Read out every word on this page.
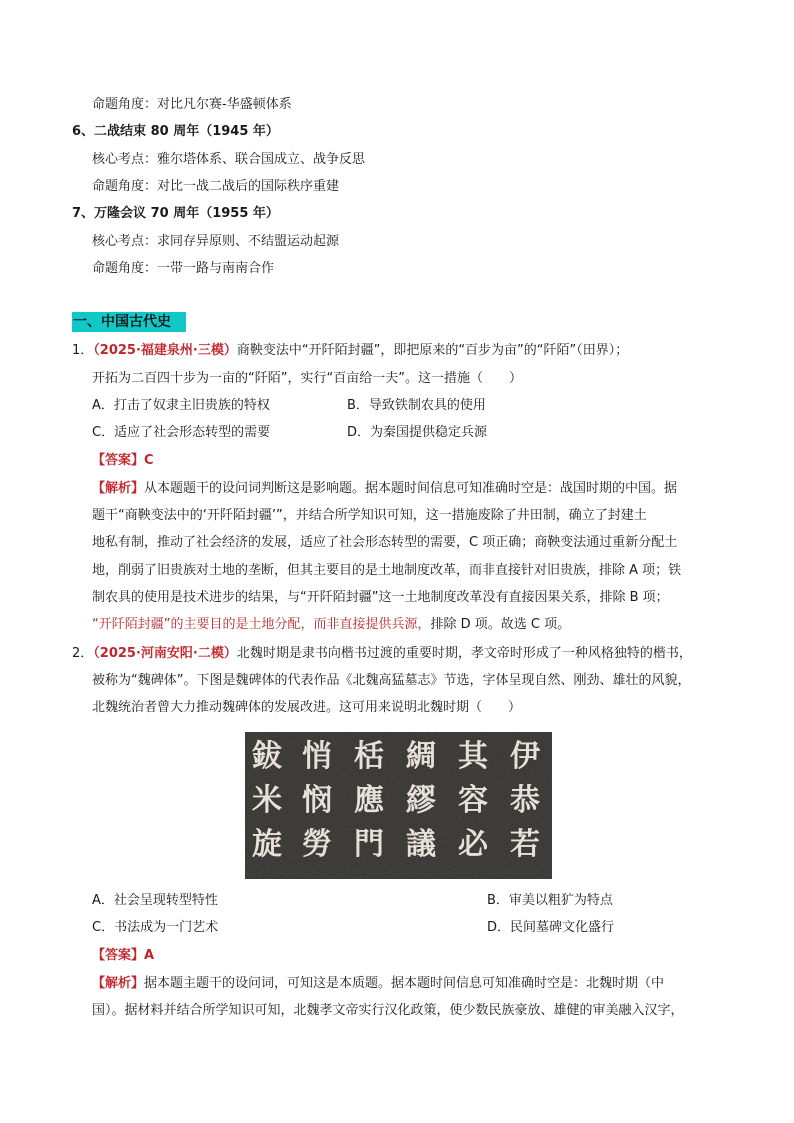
命题角度：对比凡尔赛-华盛顿体系
6、二战结束 80 周年（1945 年）
核心考点：雅尔塔体系、联合国成立、战争反思
命题角度：对比一战二战后的国际秩序重建
7、万隆会议 70 周年（1955 年）
核心考点：求同存异原则、不结盟运动起源
命题角度：一带一路与南南合作
一、中国古代史
1．（2025·福建泉州·三模）商鞅变法中“开阡陌封疆”，即把原来的“百步为亩”的“阡陌”（田界）；
开拓为二百四十步为一亩的“阡陌”，实行“百亩给一夫”。这一措施（　　）
A．打击了奴隶主旧贵族的特权	B．导致铁制农具的使用
C．适应了社会形态转型的需要	D．为秦国提供稳定兵源
【答案】C
【解析】从本题题干的设问词判断这是影响题。据本题时间信息可知准确时空是：战国时期的中国。据
题干“商鞅变法中的‘开阡陌封疆’”，并结合所学知识可知，这一措施废除了井田制，确立了封建土
地私有制，推动了社会经济的发展，适应了社会形态转型的需要，C 项正确；商鞅变法通过重新分配土
地，削弱了旧贵族对土地的垄断，但其主要目的是土地制度改革，而非直接针对旧贵族，排除 A 项；铁
制农具的使用是技术进步的结果，与“开阡陌封疆”这一土地制度改革没有直接因果关系，排除 B 项；
“开阡陌封疆”的主要目的是土地分配，而非直接提供兵源，排除 D 项。故选 C 项。
2．（2025·河南安阳·二模）北魏时期是隶书向楷书过渡的重要时期，孝文帝时形成了一种风格独特的楷书，
被称为“魏碑体”。下图是魏碑体的代表作品《北魏高猛墓志》节选，字体呈现自然、刚劲、雄壮的风貌，
北魏统治者曾大力推动魏碑体的发展改进。这可用来说明北魏时期（　　）
伊
恭
若
其
容
必
綢
繆
議
栝
應
門
悄
悯
勞
鈸
米
旋
A．社会呈现转型特性	B．审美以粗犷为特点
C．书法成为一门艺术	D．民间墓碑文化盛行
【答案】A
【解析】据本题主题干的设问词，可知这是本质题。据本题时间信息可知准确时空是：北魏时期（中
国）。据材料并结合所学知识可知，北魏孝文帝实行汉化政策，使少数民族豪放、雄健的审美融入汉字，
